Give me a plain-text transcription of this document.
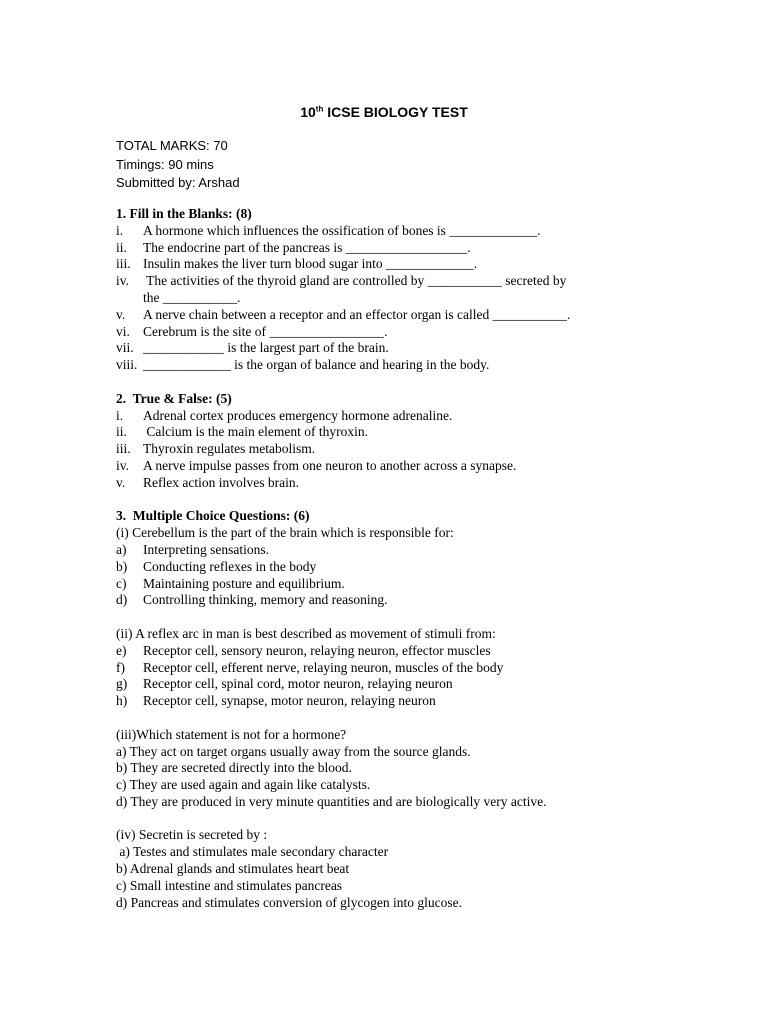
10th ICSE BIOLOGY TEST
TOTAL MARKS: 70
Timings: 90 mins
Submitted by: Arshad
1. Fill in the Blanks: (8)
i.	A hormone which influences the ossification of bones is _____________.
ii.	The endocrine part of the pancreas is __________________.
iii. Insulin makes the liver turn blood sugar into _____________.
iv.	The activities of the thyroid gland are controlled by ___________ secreted by
the ___________.
v.	A nerve chain between a receptor and an effector organ is called ___________.
vi. Cerebrum is the site of _________________.
vii. ____________ is the largest part of the brain.
viii. _____________ is the organ of balance and hearing in the body.
2.  True & False: (5)
i.	Adrenal cortex produces emergency hormone adrenaline.
ii.	Calcium is the main element of thyroxin.
iii. Thyroxin regulates metabolism.
iv.	A nerve impulse passes from one neuron to another across a synapse.
v.	Reflex action involves brain.
3.  Multiple Choice Questions: (6)
(i) Cerebellum is the part of the brain which is responsible for:
a)	Interpreting sensations.
b)	Conducting reflexes in the body
c)	Maintaining posture and equilibrium.
d)	Controlling thinking, memory and reasoning.
(ii) A reflex arc in man is best described as movement of stimuli from:
e)	Receptor cell, sensory neuron, relaying neuron, effector muscles
f)	Receptor cell, efferent nerve, relaying neuron, muscles of the body
g)	Receptor cell, spinal cord, motor neuron, relaying neuron
h)	Receptor cell, synapse, motor neuron, relaying neuron
(iii)Which statement is not for a hormone?
a) They act on target organs usually away from the source glands.
b) They are secreted directly into the blood.
c) They are used again and again like catalysts.
d) They are produced in very minute quantities and are biologically very active.
(iv) Secretin is secreted by :
a) Testes and stimulates male secondary character
b) Adrenal glands and stimulates heart beat
c) Small intestine and stimulates pancreas
d) Pancreas and stimulates conversion of glycogen into glucose.
